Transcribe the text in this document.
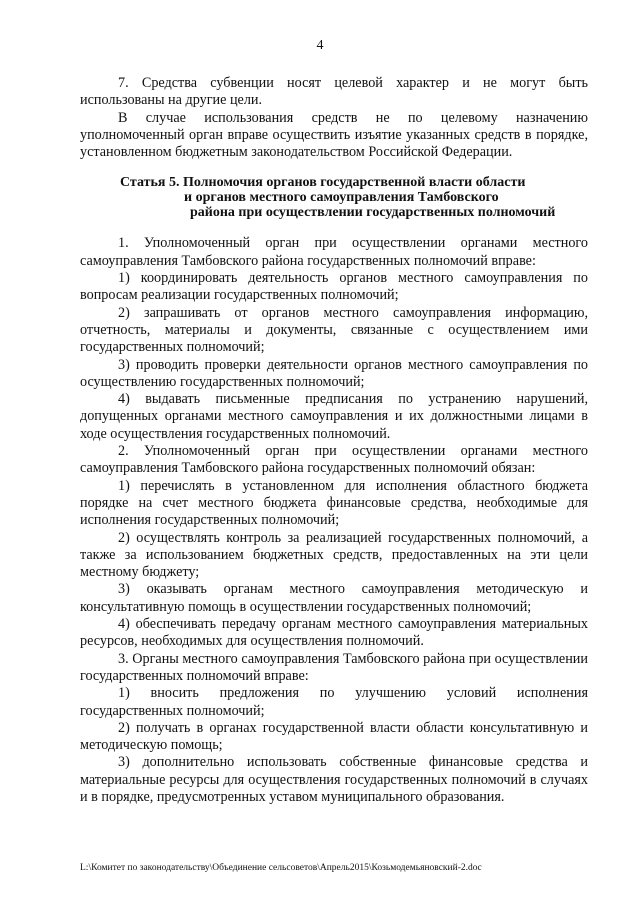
4

7. Средства субвенции носят целевой характер и не могут быть использованы на другие цели.

В случае использования средств не по целевому назначению уполномоченный орган вправе осуществить изъятие указанных средств в порядке, установленном бюджетным законодательством Российской Федерации.

Статья 5. Полномочия органов государственной власти области
и органов местного самоуправления Тамбовского
района при осуществлении государственных полномочий

1. Уполномоченный орган при осуществлении органами местного самоуправления Тамбовского района государственных полномочий вправе:

1) координировать деятельность органов местного самоуправления по вопросам реализации государственных полномочий;

2) запрашивать от органов местного самоуправления информацию, отчетность, материалы и документы, связанные с осуществлением ими государственных полномочий;

3) проводить проверки деятельности органов местного самоуправления по осуществлению государственных полномочий;

4) выдавать письменные предписания по устранению нарушений, допущенных органами местного самоуправления и их должностными лицами в ходе осуществления государственных полномочий.

2. Уполномоченный орган при осуществлении органами местного самоуправления Тамбовского района государственных полномочий обязан:

1) перечислять в установленном для исполнения областного бюджета порядке на счет местного бюджета финансовые средства, необходимые для исполнения государственных полномочий;

2) осуществлять контроль за реализацией государственных полномочий, а также за использованием бюджетных средств, предоставленных на эти цели местному бюджету;

3) оказывать органам местного самоуправления методическую и консультативную помощь в осуществлении государственных полномочий;

4) обеспечивать передачу органам местного самоуправления материальных ресурсов, необходимых для осуществления полномочий.

3. Органы местного самоуправления Тамбовского района при осуществлении государственных полномочий вправе:

1) вносить предложения по улучшению условий исполнения государственных полномочий;

2) получать в органах государственной власти области консультативную и методическую помощь;

3) дополнительно использовать собственные финансовые средства и материальные ресурсы для осуществления государственных полномочий в случаях и в порядке, предусмотренных уставом муниципального образования.

L:\Комитет по законодательству\Объединение сельсоветов\Апрель2015\Козьмодемьяновский-2.doc
